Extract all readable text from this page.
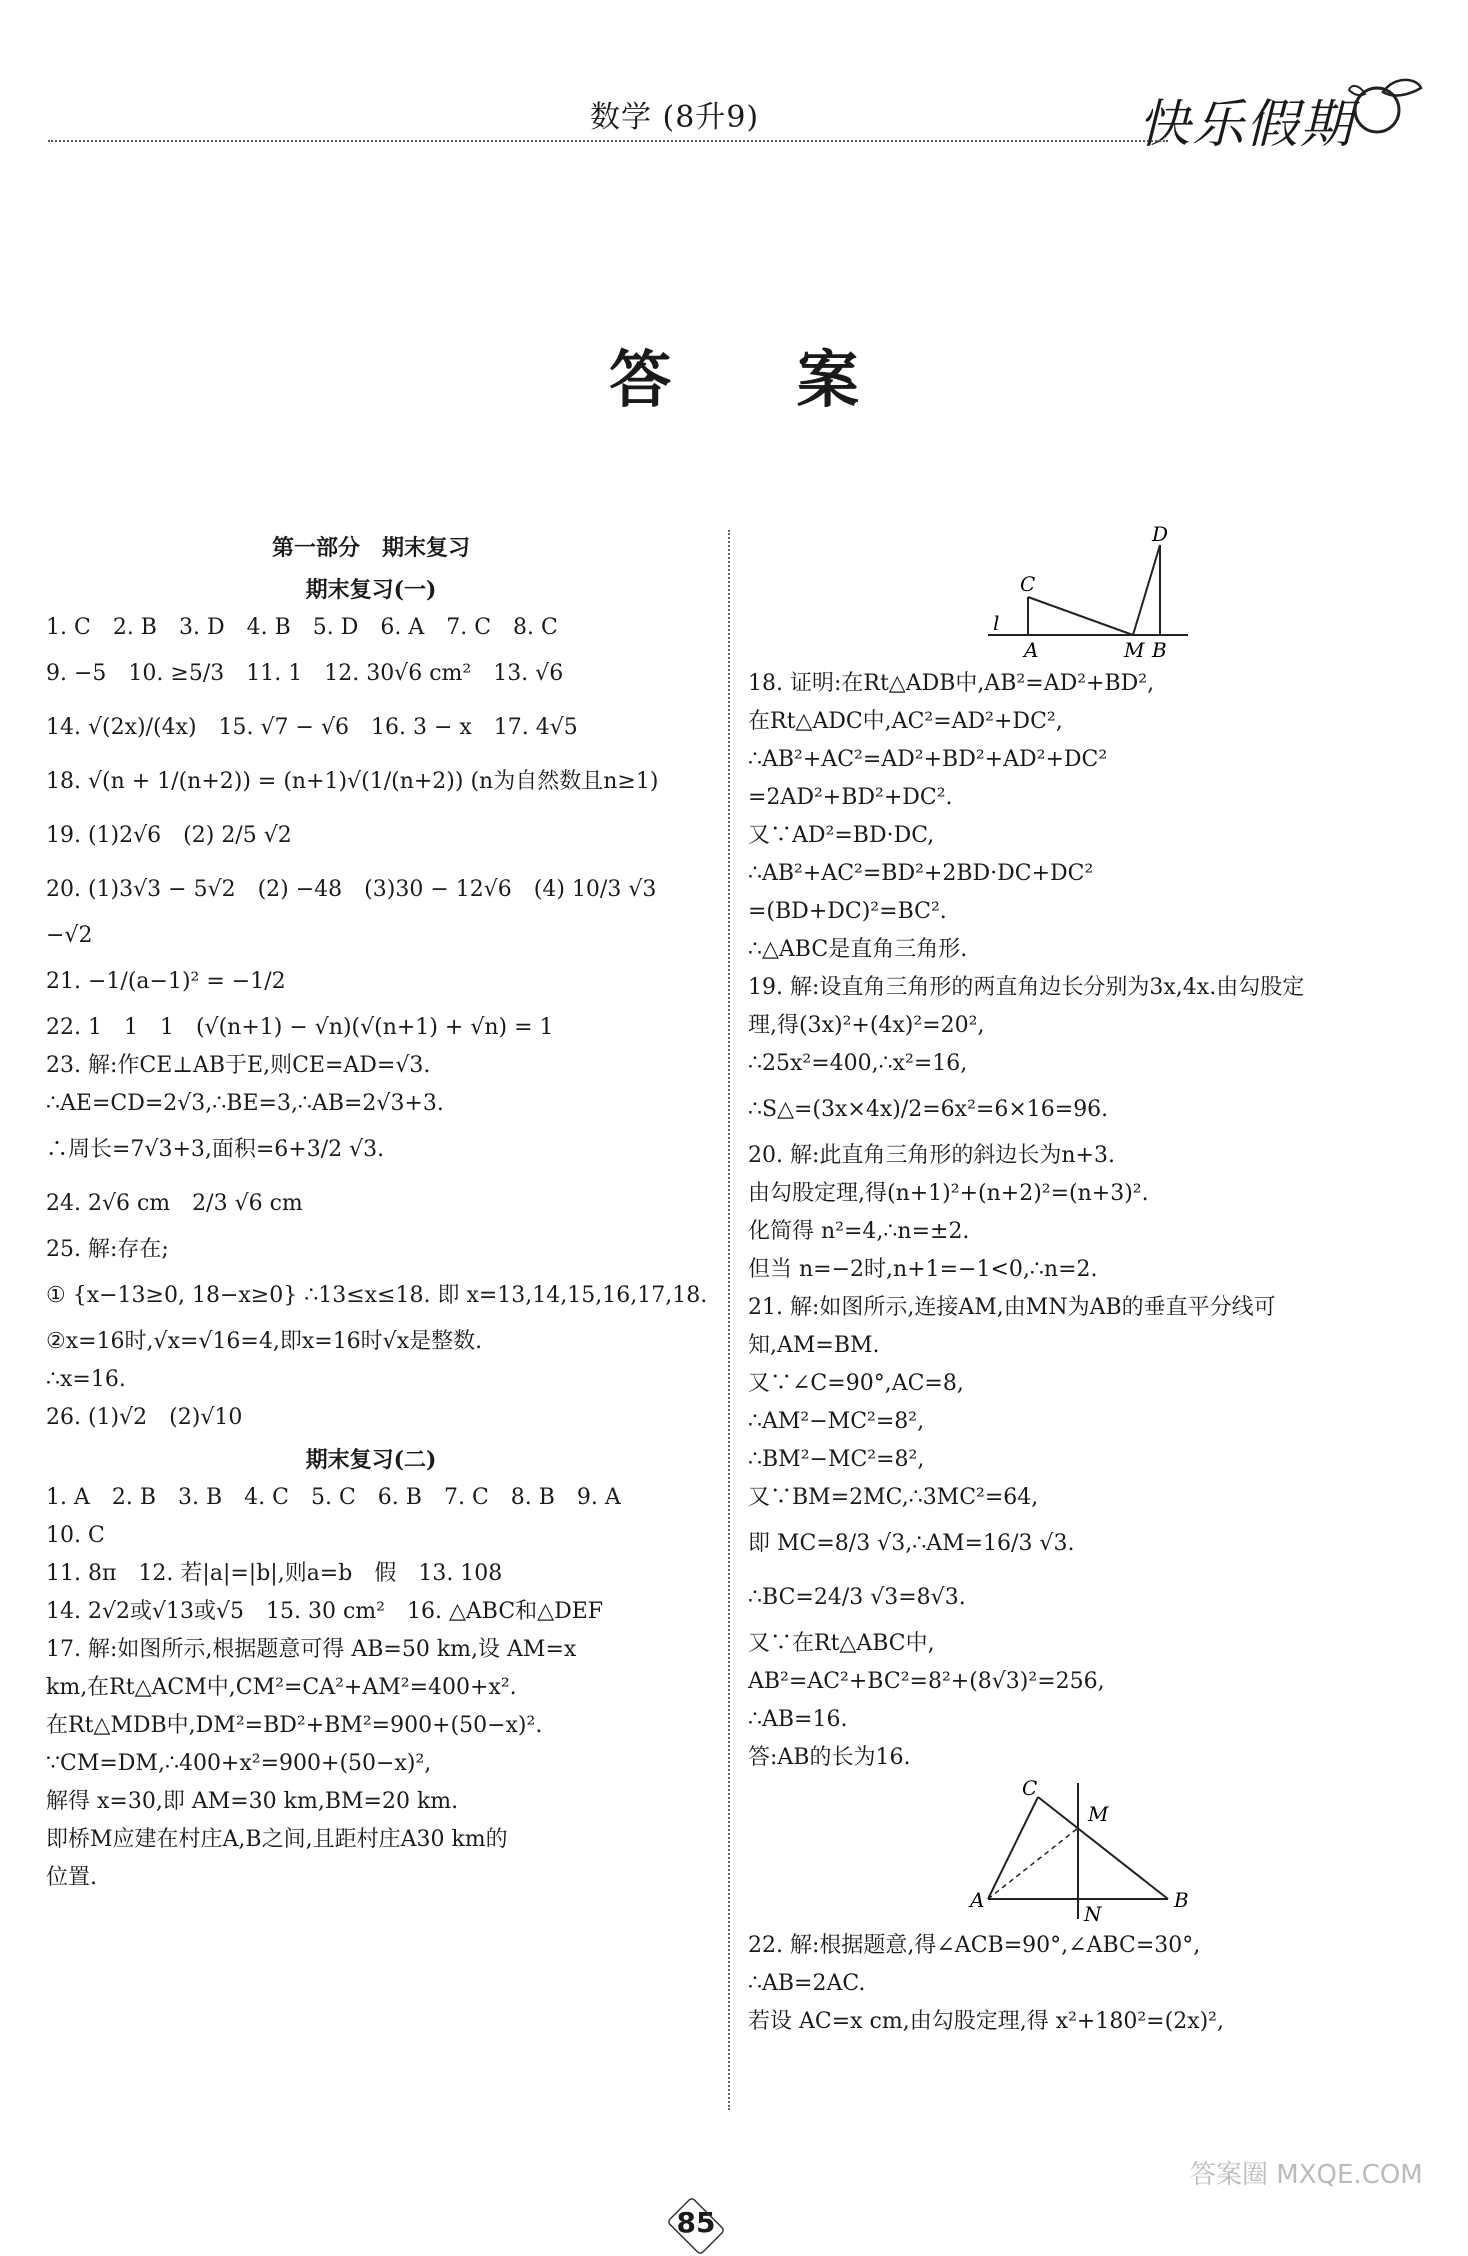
数学 (8升9)	快乐假期
答 案
第一部分　期末复习
期末复习(一)
1. C　2. B　3. D　4. B　5. D　6. A　7. C　8. C
9. −5　10. ≥5/3　11. 1　12. 30√6 cm²　13. √6
14. √(2x)/(4x)　15. √7 − √6　16. 3 − x　17. 4√5
18. √(n + 1/(n+2)) = (n+1)√(1/(n+2)) (n为自然数且n≥1)
19. (1)2√6　(2) 2/5 √2
20. (1)3√3 − 5√2　(2) −48　(3)30 − 12√6　(4) 10/3 √3
−√2
21. −1/(a−1)² = −1/2
22. 1　1　1　(√(n+1) − √n)(√(n+1) + √n) = 1
23. 解:作CE⊥AB于E,则CE=AD=√3.
∴AE=CD=2√3,∴BE=3,∴AB=2√3+3.
∴周长=7√3+3,面积=6+3/2 √3.
24. 2√6 cm　2/3 √6 cm
25. 解:存在;
① {x−13≥0, 18−x≥0} ∴13≤x≤18. 即 x=13,14,15,16,17,18.
②x=16时,√x=√16=4,即x=16时√x是整数.
∴x=16.
26. (1)√2　(2)√10
期末复习(二)
1. A　2. B　3. B　4. C　5. C　6. B　7. C　8. B　9. A
10. C
11. 8π　12. 若|a|=|b|,则a=b　假　13. 108
14. 2√2或√13或√5　15. 30 cm²　16. △ABC和△DEF
17. 解:如图所示,根据题意可得 AB=50 km,设 AM=x
km,在Rt△ACM中,CM²=CA²+AM²=400+x².
在Rt△MDB中,DM²=BD²+BM²=900+(50−x)².
∵CM=DM,∴400+x²=900+(50−x)²,
解得 x=30,即 AM=30 km,BM=20 km.
即桥M应建在村庄A,B之间,且距村庄A30 km的
位置.
D
C
l
A	M B
18. 证明:在Rt△ADB中,AB²=AD²+BD²,
在Rt△ADC中,AC²=AD²+DC²,
∴AB²+AC²=AD²+BD²+AD²+DC²
=2AD²+BD²+DC².
又∵AD²=BD·DC,
∴AB²+AC²=BD²+2BD·DC+DC²
=(BD+DC)²=BC².
∴△ABC是直角三角形.
19. 解:设直角三角形的两直角边长分别为3x,4x.由勾股定
理,得(3x)²+(4x)²=20²,
∴25x²=400,∴x²=16,
∴S△=(3x×4x)/2=6x²=6×16=96.
20. 解:此直角三角形的斜边长为n+3.
由勾股定理,得(n+1)²+(n+2)²=(n+3)².
化简得 n²=4,∴n=±2.
但当 n=−2时,n+1=−1<0,∴n=2.
21. 解:如图所示,连接AM,由MN为AB的垂直平分线可
知,AM=BM.
又∵∠C=90°,AC=8,
∴AM²−MC²=8²,
∴BM²−MC²=8²,
又∵BM=2MC,∴3MC²=64,
即 MC=8/3 √3,∴AM=16/3 √3.
∴BC=24/3 √3=8√3.
又∵在Rt△ABC中,
AB²=AC²+BC²=8²+(8√3)²=256,
∴AB=16.
答:AB的长为16.
C
M
A
N
B
22. 解:根据题意,得∠ACB=90°,∠ABC=30°,
∴AB=2AC.
若设 AC=x cm,由勾股定理,得 x²+180²=(2x)²,
85
答案圈 MXQE.COM
